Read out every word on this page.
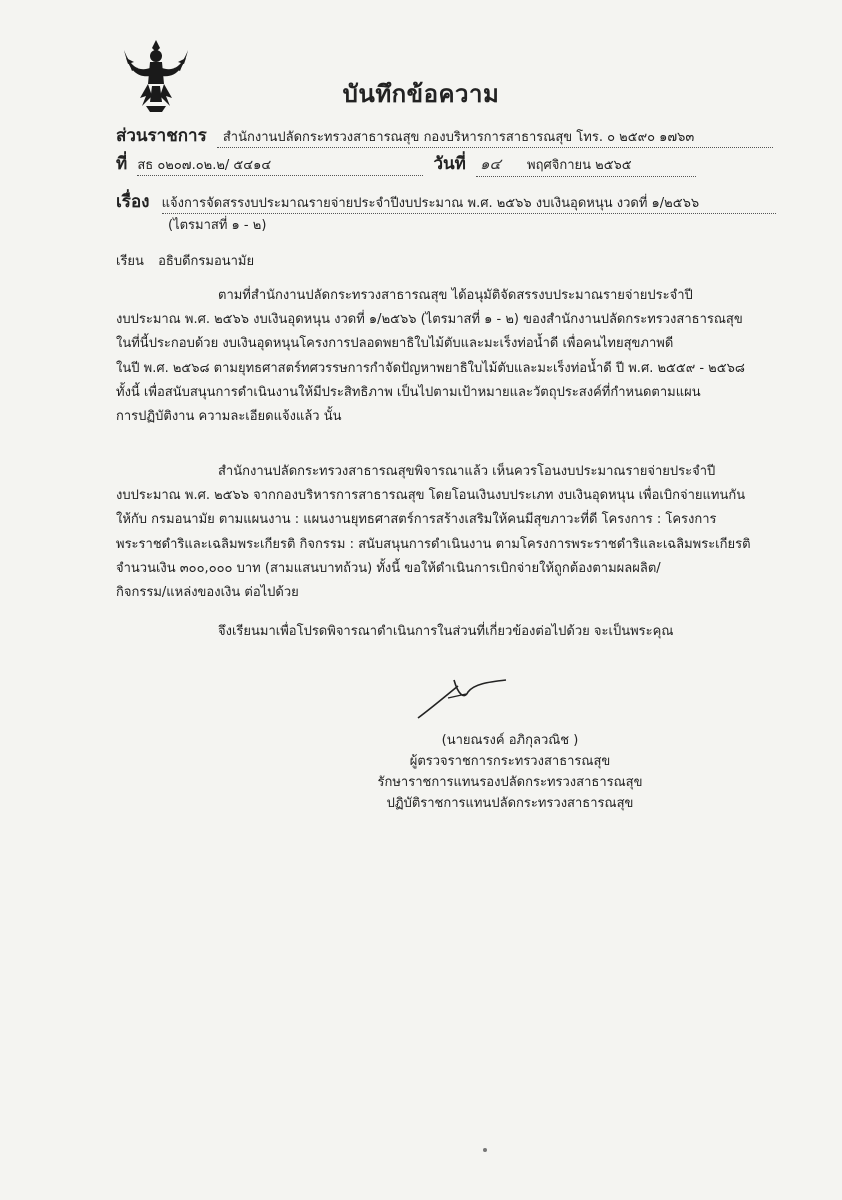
บันทึกข้อความ
ส่วนราชการ สำนักงานปลัดกระทรวงสาธารณสุข กองบริหารการสาธารณสุข โทร. ๐ ๒๕๙๐ ๑๗๖๓
ที่ สธ ๐๒๐๗.๐๒.๒/ ๕๔๑๔	วันที่ ๑๔ พฤศจิกายน ๒๕๖๕
เรื่อง แจ้งการจัดสรรงบประมาณรายจ่ายประจำปีงบประมาณ พ.ศ. ๒๕๖๖ งบเงินอุดหนุน งวดที่ ๑/๒๕๖๖
(ไตรมาสที่ ๑ - ๒)
เรียน อธิบดีกรมอนามัย
ตามที่สำนักงานปลัดกระทรวงสาธารณสุข ได้อนุมัติจัดสรรงบประมาณรายจ่ายประจำปี
งบประมาณ พ.ศ. ๒๕๖๖ งบเงินอุดหนุน งวดที่ ๑/๒๕๖๖ (ไตรมาสที่ ๑ - ๒) ของสำนักงานปลัดกระทรวงสาธารณสุข
ในที่นี้ประกอบด้วย งบเงินอุดหนุนโครงการปลอดพยาธิใบไม้ตับและมะเร็งท่อน้ำดี เพื่อคนไทยสุขภาพดี
ในปี พ.ศ. ๒๕๖๘ ตามยุทธศาสตร์ทศวรรษการกำจัดปัญหาพยาธิใบไม้ตับและมะเร็งท่อน้ำดี ปี พ.ศ. ๒๕๕๙ - ๒๕๖๘
ทั้งนี้ เพื่อสนับสนุนการดำเนินงานให้มีประสิทธิภาพ เป็นไปตามเป้าหมายและวัตถุประสงค์ที่กำหนดตามแผน
การปฏิบัติงาน ความละเอียดแจ้งแล้ว นั้น
สำนักงานปลัดกระทรวงสาธารณสุขพิจารณาแล้ว เห็นควรโอนงบประมาณรายจ่ายประจำปี
งบประมาณ พ.ศ. ๒๕๖๖ จากกองบริหารการสาธารณสุข โดยโอนเงินงบประเภท งบเงินอุดหนุน เพื่อเบิกจ่ายแทนกัน
ให้กับ กรมอนามัย ตามแผนงาน : แผนงานยุทธศาสตร์การสร้างเสริมให้คนมีสุขภาวะที่ดี โครงการ : โครงการ
พระราชดำริและเฉลิมพระเกียรติ กิจกรรม : สนับสนุนการดำเนินงาน ตามโครงการพระราชดำริและเฉลิมพระเกียรติ
จำนวนเงิน ๓๐๐,๐๐๐ บาท (สามแสนบาทถ้วน) ทั้งนี้ ขอให้ดำเนินการเบิกจ่ายให้ถูกต้องตามผลผลิต/
กิจกรรม/แหล่งของเงิน ต่อไปด้วย
จึงเรียนมาเพื่อโปรดพิจารณาดำเนินการในส่วนที่เกี่ยวข้องต่อไปด้วย จะเป็นพระคุณ
(นายณรงค์ อภิกุลวณิช )
ผู้ตรวจราชการกระทรวงสาธารณสุข
รักษาราชการแทนรองปลัดกระทรวงสาธารณสุข
ปฏิบัติราชการแทนปลัดกระทรวงสาธารณสุข
